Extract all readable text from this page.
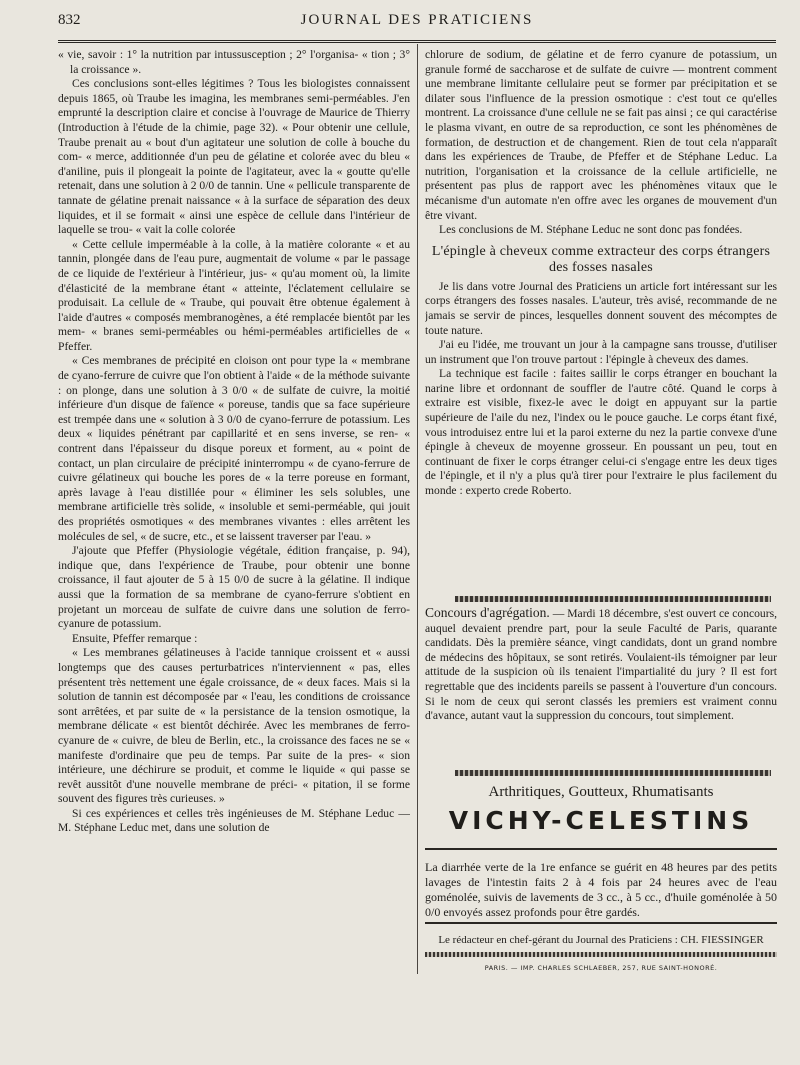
832	JOURNAL DES PRATICIENS

« vie, savoir : 1° la nutrition par intussusception ; 2° l'organisa- « tion ; 3° la croissance ».

Ces conclusions sont-elles légitimes ? Tous les biologistes connaissent depuis 1865, où Traube les imagina, les membranes semi-perméables. J'en emprunté la description claire et concise à l'ouvrage de Maurice de Thierry (Introduction à l'étude de la chimie, page 32). « Pour obtenir une cellule, Traube prenait au « bout d'un agitateur une solution de colle à bouche du com- « merce, additionnée d'un peu de gélatine et colorée avec du bleu « d'aniline, puis il plongeait la pointe de l'agitateur, avec la « goutte qu'elle retenait, dans une solution à 2 0/0 de tannin. Une « pellicule transparente de tannate de gélatine prenait naissance « à la surface de séparation des deux liquides, et il se formait « ainsi une espèce de cellule dans l'intérieur de laquelle se trou- « vait la colle colorée

« Cette cellule imperméable à la colle, à la matière colorante « et au tannin, plongée dans de l'eau pure, augmentait de volume « par le passage de ce liquide de l'extérieur à l'intérieur, jus- « qu'au moment où, la limite d'élasticité de la membrane étant « atteinte, l'éclatement cellulaire se produisait. La cellule de « Traube, qui pouvait être obtenue également à l'aide d'autres « composés membranogènes, a été remplacée bientôt par les mem- « branes semi-perméables ou hémi-perméables artificielles de « Pfeffer.

« Ces membranes de précipité en cloison ont pour type la « membrane de cyano-ferrure de cuivre que l'on obtient à l'aide « de la méthode suivante : on plonge, dans une solution à 3 0/0 « de sulfate de cuivre, la moitié inférieure d'un disque de faïence « poreuse, tandis que sa face supérieure est trempée dans une « solution à 3 0/0 de cyano-ferrure de potassium. Les deux « liquides pénétrant par capillarité et en sens inverse, se ren- « contrent dans l'épaisseur du disque poreux et forment, au « point de contact, un plan circulaire de précipité ininterrompu « de cyano-ferrure de cuivre gélatineux qui bouche les pores de « la terre poreuse en formant, après lavage à l'eau distillée pour « éliminer les sels solubles, une membrane artificielle très solide, « insoluble et semi-perméable, qui jouit des propriétés osmotiques « des membranes vivantes : elles arrêtent les molécules de sel, « de sucre, etc., et se laissent traverser par l'eau. »

J'ajoute que Pfeffer (Physiologie végétale, édition française, p. 94), indique que, dans l'expérience de Traube, pour obtenir une bonne croissance, il faut ajouter de 5 à 15 0/0 de sucre à la gélatine. Il indique aussi que la formation de sa membrane de cyano-ferrure s'obtient en projetant un morceau de sulfate de cuivre dans une solution de ferro-cyanure de potassium.

Ensuite, Pfeffer remarque :

« Les membranes gélatineuses à l'acide tannique croissent et « aussi longtemps que des causes perturbatrices n'interviennent « pas, elles présentent très nettement une égale croissance, de « deux faces. Mais si la solution de tannin est décomposée par « l'eau, les conditions de croissance sont arrêtées, et par suite de « la persistance de la tension osmotique, la membrane délicate « est bientôt déchirée. Avec les membranes de ferro-cyanure de « cuivre, de bleu de Berlin, etc., la croissance des faces ne se « manifeste d'ordinaire que peu de temps. Par suite de la pres- « sion intérieure, une déchirure se produit, et comme le liquide « qui passe se revêt aussitôt d'une nouvelle membrane de préci- « pitation, il se forme souvent des figures très curieuses. »

Si ces expériences et celles très ingénieuses de M. Stéphane Leduc — M. Stéphane Leduc met, dans une solution de

chlorure de sodium, de gélatine et de ferro cyanure de potassium, un granule formé de saccharose et de sulfate de cuivre — montrent comment une membrane limitante cellulaire peut se former par précipitation et se dilater sous l'influence de la pression osmotique : c'est tout ce qu'elles montrent. La croissance d'une cellule ne se fait pas ainsi ; ce qui caractérise le plasma vivant, en outre de sa reproduction, ce sont les phénomènes de formation, de destruction et de changement. Rien de tout cela n'apparaît dans les expériences de Traube, de Pfeffer et de Stéphane Leduc. La nutrition, l'organisation et la croissance de la cellule artificielle, ne présentent pas plus de rapport avec les phénomènes vitaux que le mécanisme d'un automate n'en offre avec les organes de mouvement d'un être vivant.

Les conclusions de M. Stéphane Leduc ne sont donc pas fondées.

L'épingle à cheveux comme extracteur des corps étrangers des fosses nasales

Je lis dans votre Journal des Praticiens un article fort intéressant sur les corps étrangers des fosses nasales. L'auteur, très avisé, recommande de ne jamais se servir de pinces, lesquelles donnent souvent des mécomptes de toute nature.

J'ai eu l'idée, me trouvant un jour à la campagne sans trousse, d'utiliser un instrument que l'on trouve partout : l'épingle à cheveux des dames.

La technique est facile : faites saillir le corps étranger en bouchant la narine libre et ordonnant de souffler de l'autre côté. Quand le corps à extraire est visible, fixez-le avec le doigt en appuyant sur la partie supérieure de l'aile du nez, l'index ou le pouce gauche. Le corps étant fixé, vous introduisez entre lui et la paroi externe du nez la partie convexe d'une épingle à cheveux de moyenne grosseur. En poussant un peu, tout en continuant de fixer le corps étranger celui-ci s'engage entre les deux tiges de l'épingle, et il n'y a plus qu'à tirer pour l'extraire le plus facilement du monde : experto crede Roberto.

Concours d'agrégation. — Mardi 18 décembre, s'est ouvert ce concours, auquel devaient prendre part, pour la seule Faculté de Paris, quarante candidats. Dès la première séance, vingt candidats, dont un grand nombre de médecins des hôpitaux, se sont retirés. Voulaient-ils témoigner par leur attitude de la suspicion où ils tenaient l'impartialité du jury ? Il est fort regrettable que des incidents pareils se passent à l'ouverture d'un concours. Si le nom de ceux qui seront classés les premiers est vraiment connu d'avance, autant vaut la suppression du concours, tout simplement.

Arthritiques, Goutteux, Rhumatisants
VICHY-CELESTINS
La diarrhée verte de la 1re enfance se guérit en 48 heures par des petits lavages de l'intestin faits 2 à 4 fois par 24 heures avec de l'eau goménolée, suivis de lavements de 3 cc., à 5 cc., d'huile goménolée à 50 0/0 envoyés assez profonds pour être gardés.
Le rédacteur en chef-gérant du Journal des Praticiens : CH. FIESSINGER
PARIS. — IMP. CHARLES SCHLAEBER, 257, RUE SAINT-HONORÉ.
